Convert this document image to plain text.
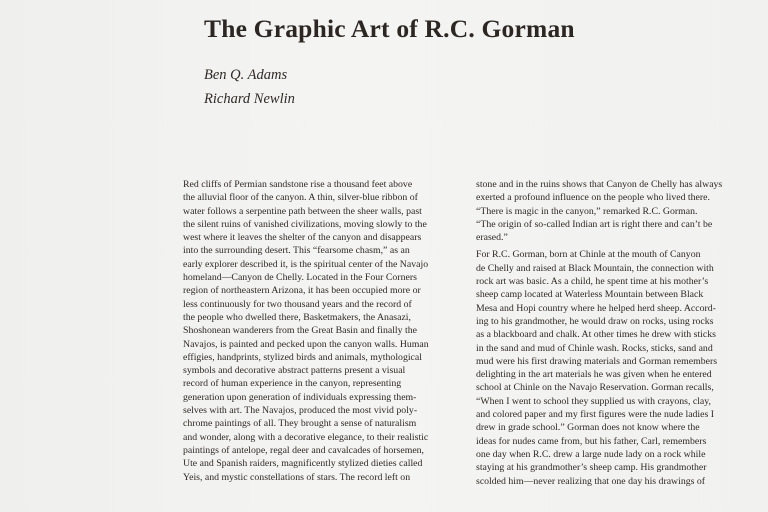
The Graphic Art of R.C. Gorman
Ben Q. Adams
Richard Newlin

Red cliffs of Permian sandstone rise a thousand feet above
the alluvial floor of the canyon. A thin, silver-blue ribbon of
water follows a serpentine path between the sheer walls, past
the silent ruins of vanished civilizations, moving slowly to the
west where it leaves the shelter of the canyon and disappears
into the surrounding desert. This “fearsome chasm,” as an
early explorer described it, is the spiritual center of the Navajo
homeland—Canyon de Chelly. Located in the Four Corners
region of northeastern Arizona, it has been occupied more or
less continuously for two thousand years and the record of
the people who dwelled there, Basketmakers, the Anasazi,
Shoshonean wanderers from the Great Basin and finally the
Navajos, is painted and pecked upon the canyon walls. Human
effigies, handprints, stylized birds and animals, mythological
symbols and decorative abstract patterns present a visual
record of human experience in the canyon, representing
generation upon generation of individuals expressing them-
selves with art. The Navajos, produced the most vivid poly-
chrome paintings of all. They brought a sense of naturalism
and wonder, along with a decorative elegance, to their realistic
paintings of antelope, regal deer and cavalcades of horsemen,
Ute and Spanish raiders, magnificently stylized dieties called
Yeis, and mystic constellations of stars. The record left on

stone and in the ruins shows that Canyon de Chelly has always
exerted a profound influence on the people who lived there.
“There is magic in the canyon,” remarked R.C. Gorman.
“The origin of so-called Indian art is right there and can’t be
erased.”

For R.C. Gorman, born at Chinle at the mouth of Canyon
de Chelly and raised at Black Mountain, the connection with
rock art was basic. As a child, he spent time at his mother’s
sheep camp located at Waterless Mountain between Black
Mesa and Hopi country where he helped herd sheep. Accord-
ing to his grandmother, he would draw on rocks, using rocks
as a blackboard and chalk. At other times he drew with sticks
in the sand and mud of Chinle wash. Rocks, sticks, sand and
mud were his first drawing materials and Gorman remembers
delighting in the art materials he was given when he entered
school at Chinle on the Navajo Reservation. Gorman recalls,
“When I went to school they supplied us with crayons, clay,
and colored paper and my first figures were the nude ladies I
drew in grade school.” Gorman does not know where the
ideas for nudes came from, but his father, Carl, remembers
one day when R.C. drew a large nude lady on a rock while
staying at his grandmother’s sheep camp. His grandmother
scolded him—never realizing that one day his drawings of
